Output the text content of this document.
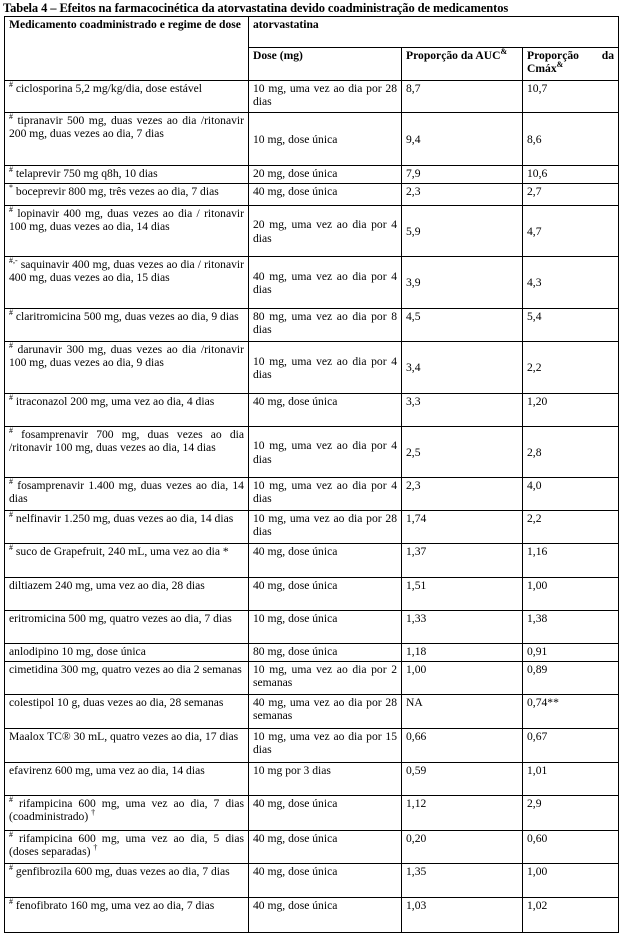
Tabela 4 – Efeitos na farmacocinética da atorvastatina devido coadministração de medicamentos
Medicamento coadministrado e regime de dose	atorvastatina		
	Dose (mg)	Proporção da AUC&	Proporção da Cmáx&
# ciclosporina 5,2 mg/kg/dia, dose estável	10 mg, uma vez ao dia por 28 dias	8,7	10,7
# tipranavir 500 mg, duas vezes ao dia /ritonavir 200 mg, duas vezes ao dia, 7 dias	10 mg, dose única	9,4	8,6
# telaprevir 750 mg q8h, 10 dias	20 mg, dose única	7,9	10,6
* boceprevir 800 mg, três vezes ao dia, 7 dias	40 mg, dose única	2,3	2,7
# lopinavir 400 mg, duas vezes ao dia / ritonavir 100 mg, duas vezes ao dia, 14 dias	20 mg, uma vez ao dia por 4 dias	5,9	4,7
#,- saquinavir 400 mg, duas vezes ao dia / ritonavir 400 mg, duas vezes ao dia, 15 dias	40 mg, uma vez ao dia por 4 dias	3,9	4,3
# claritromicina 500 mg, duas vezes ao dia, 9 dias	80 mg, uma vez ao dia por 8 dias	4,5	5,4
# darunavir 300 mg, duas vezes ao dia /ritonavir 100 mg, duas vezes ao dia, 9 dias	10 mg, uma vez ao dia por 4 dias	3,4	2,2
# itraconazol 200 mg, uma vez ao dia, 4 dias	40 mg, dose única	3,3	1,20
# fosamprenavir 700 mg, duas vezes ao dia /ritonavir 100 mg, duas vezes ao dia, 14 dias	10 mg, uma vez ao dia por 4 dias	2,5	2,8
# fosamprenavir 1.400 mg, duas vezes ao dia, 14 dias	10 mg, uma vez ao dia por 4 dias	2,3	4,0
# nelfinavir 1.250 mg, duas vezes ao dia, 14 dias	10 mg, uma vez ao dia por 28 dias	1,74	2,2
# suco de Grapefruit, 240 mL, uma vez ao dia *	40 mg, dose única	1,37	1,16
diltiazem 240 mg, uma vez ao dia, 28 dias	40 mg, dose única	1,51	1,00
eritromicina 500 mg, quatro vezes ao dia, 7 dias	10 mg, dose única	1,33	1,38
anlodipino 10 mg, dose única	80 mg, dose única	1,18	0,91
cimetidina 300 mg, quatro vezes ao dia 2 semanas	10 mg, uma vez ao dia por 2 semanas	1,00	0,89
colestipol 10 g, duas vezes ao dia, 28 semanas	40 mg, uma vez ao dia por 28 semanas	NA	0,74**
Maalox TC® 30 mL, quatro vezes ao dia, 17 dias	10 mg, uma vez ao dia por 15 dias	0,66	0,67
efavirenz 600 mg, uma vez ao dia, 14 dias	10 mg por 3 dias	0,59	1,01
# rifampicina 600 mg, uma vez ao dia, 7 dias (coadministrado) †	40 mg, dose única	1,12	2,9
# rifampicina 600 mg, uma vez ao dia, 5 dias (doses separadas) †	40 mg, dose única	0,20	0,60
# genfibrozila 600 mg, duas vezes ao dia, 7 dias	40 mg, dose única	1,35	1,00
# fenofibrato 160 mg, uma vez ao dia, 7 dias	40 mg, dose única	1,03	1,02
